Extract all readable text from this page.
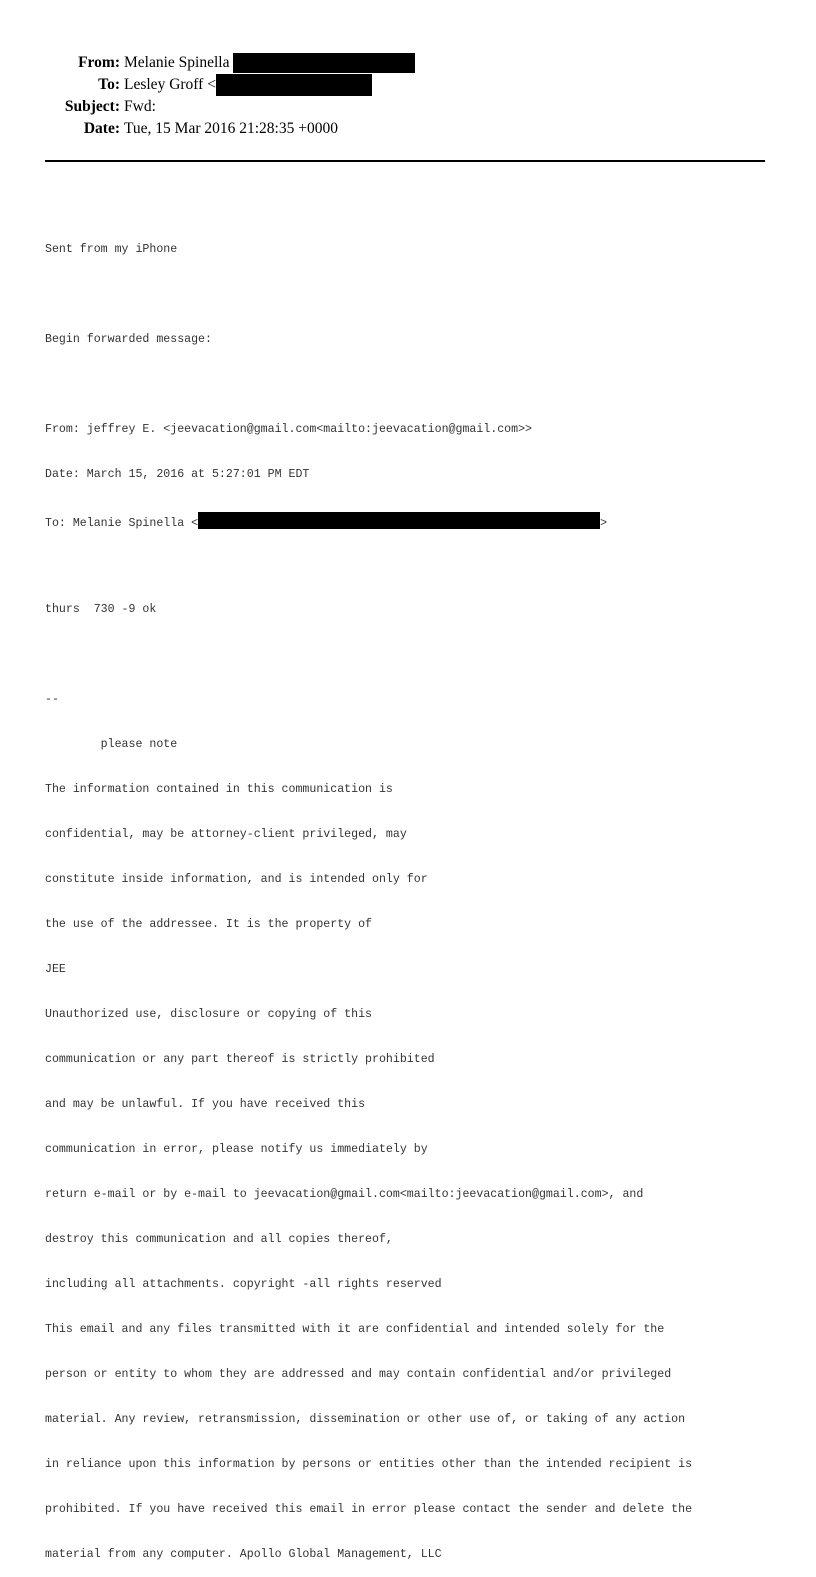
From: Melanie Spinella
To: Lesley Groff <
Subject: Fwd:
Date: Tue, 15 Mar 2016 21:28:35 +0000

Sent from my iPhone

Begin forwarded message:

From: jeffrey E. <jeevacation@gmail.com<mailto:jeevacation@gmail.com>>

Date: March 15, 2016 at 5:27:01 PM EDT

To: Melanie Spinella <	>

thurs  730 -9 ok

--

please note

The information contained in this communication is

confidential, may be attorney-client privileged, may

constitute inside information, and is intended only for

the use of the addressee. It is the property of

JEE

Unauthorized use, disclosure or copying of this

communication or any part thereof is strictly prohibited

and may be unlawful. If you have received this

communication in error, please notify us immediately by

return e-mail or by e-mail to jeevacation@gmail.com<mailto:jeevacation@gmail.com>, and

destroy this communication and all copies thereof,

including all attachments. copyright -all rights reserved

This email and any files transmitted with it are confidential and intended solely for the

person or entity to whom they are addressed and may contain confidential and/or privileged

material. Any review, retransmission, dissemination or other use of, or taking of any action

in reliance upon this information by persons or entities other than the intended recipient is

prohibited. If you have received this email in error please contact the sender and delete the

material from any computer. Apollo Global Management, LLC
